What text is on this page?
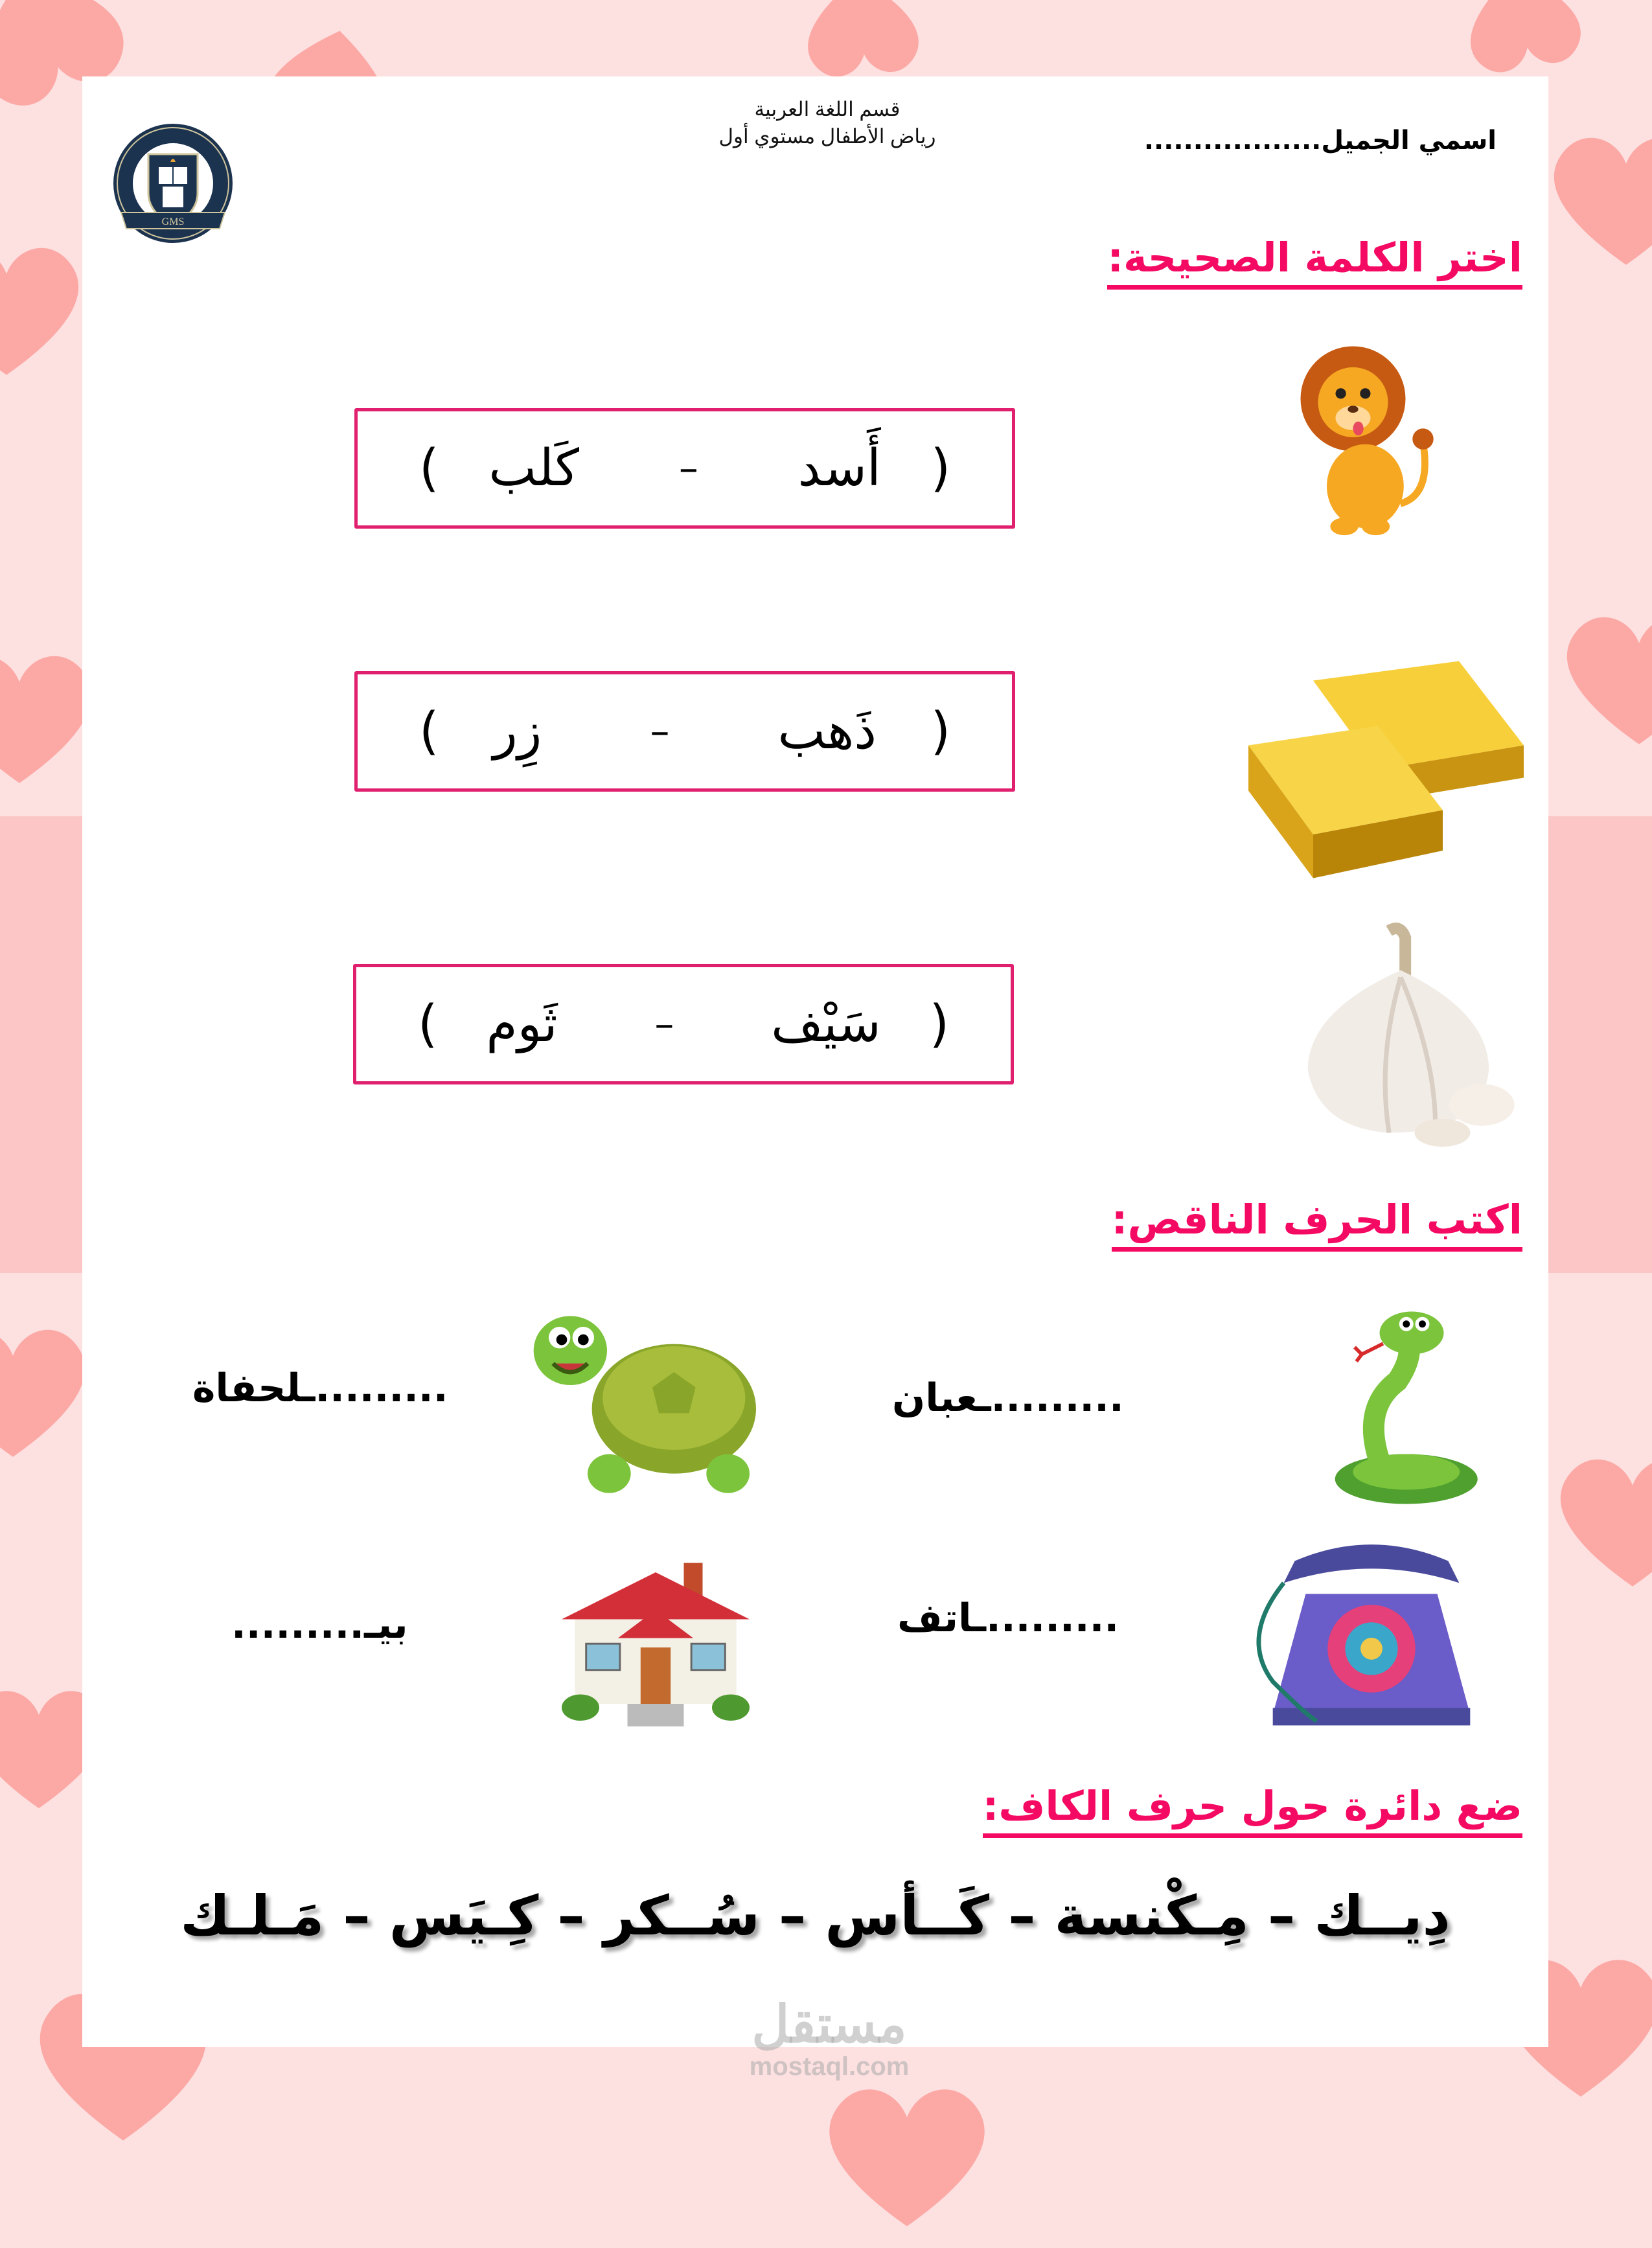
GMS
قسم اللغة العربية
رياض الأطفال مستوي أول	اسمي الجميل..................
اختر الكلمة الصحيحة:
(
أَسد
–
كَلب
)
(
ذَهب
–
زِر
)
(
سَيْف
–
ثَوم
)
اكتب الحرف الناقص:
.........ـعبان
.........ـلحفاة
.........ـاتف
بيـ.........
ضع دائرة حول حرف الكاف:
دِيــك – مِـكْنسة – كَــأس – سُــكر – كِـيَس – مَـلـك
مستقل
mostaql.com
